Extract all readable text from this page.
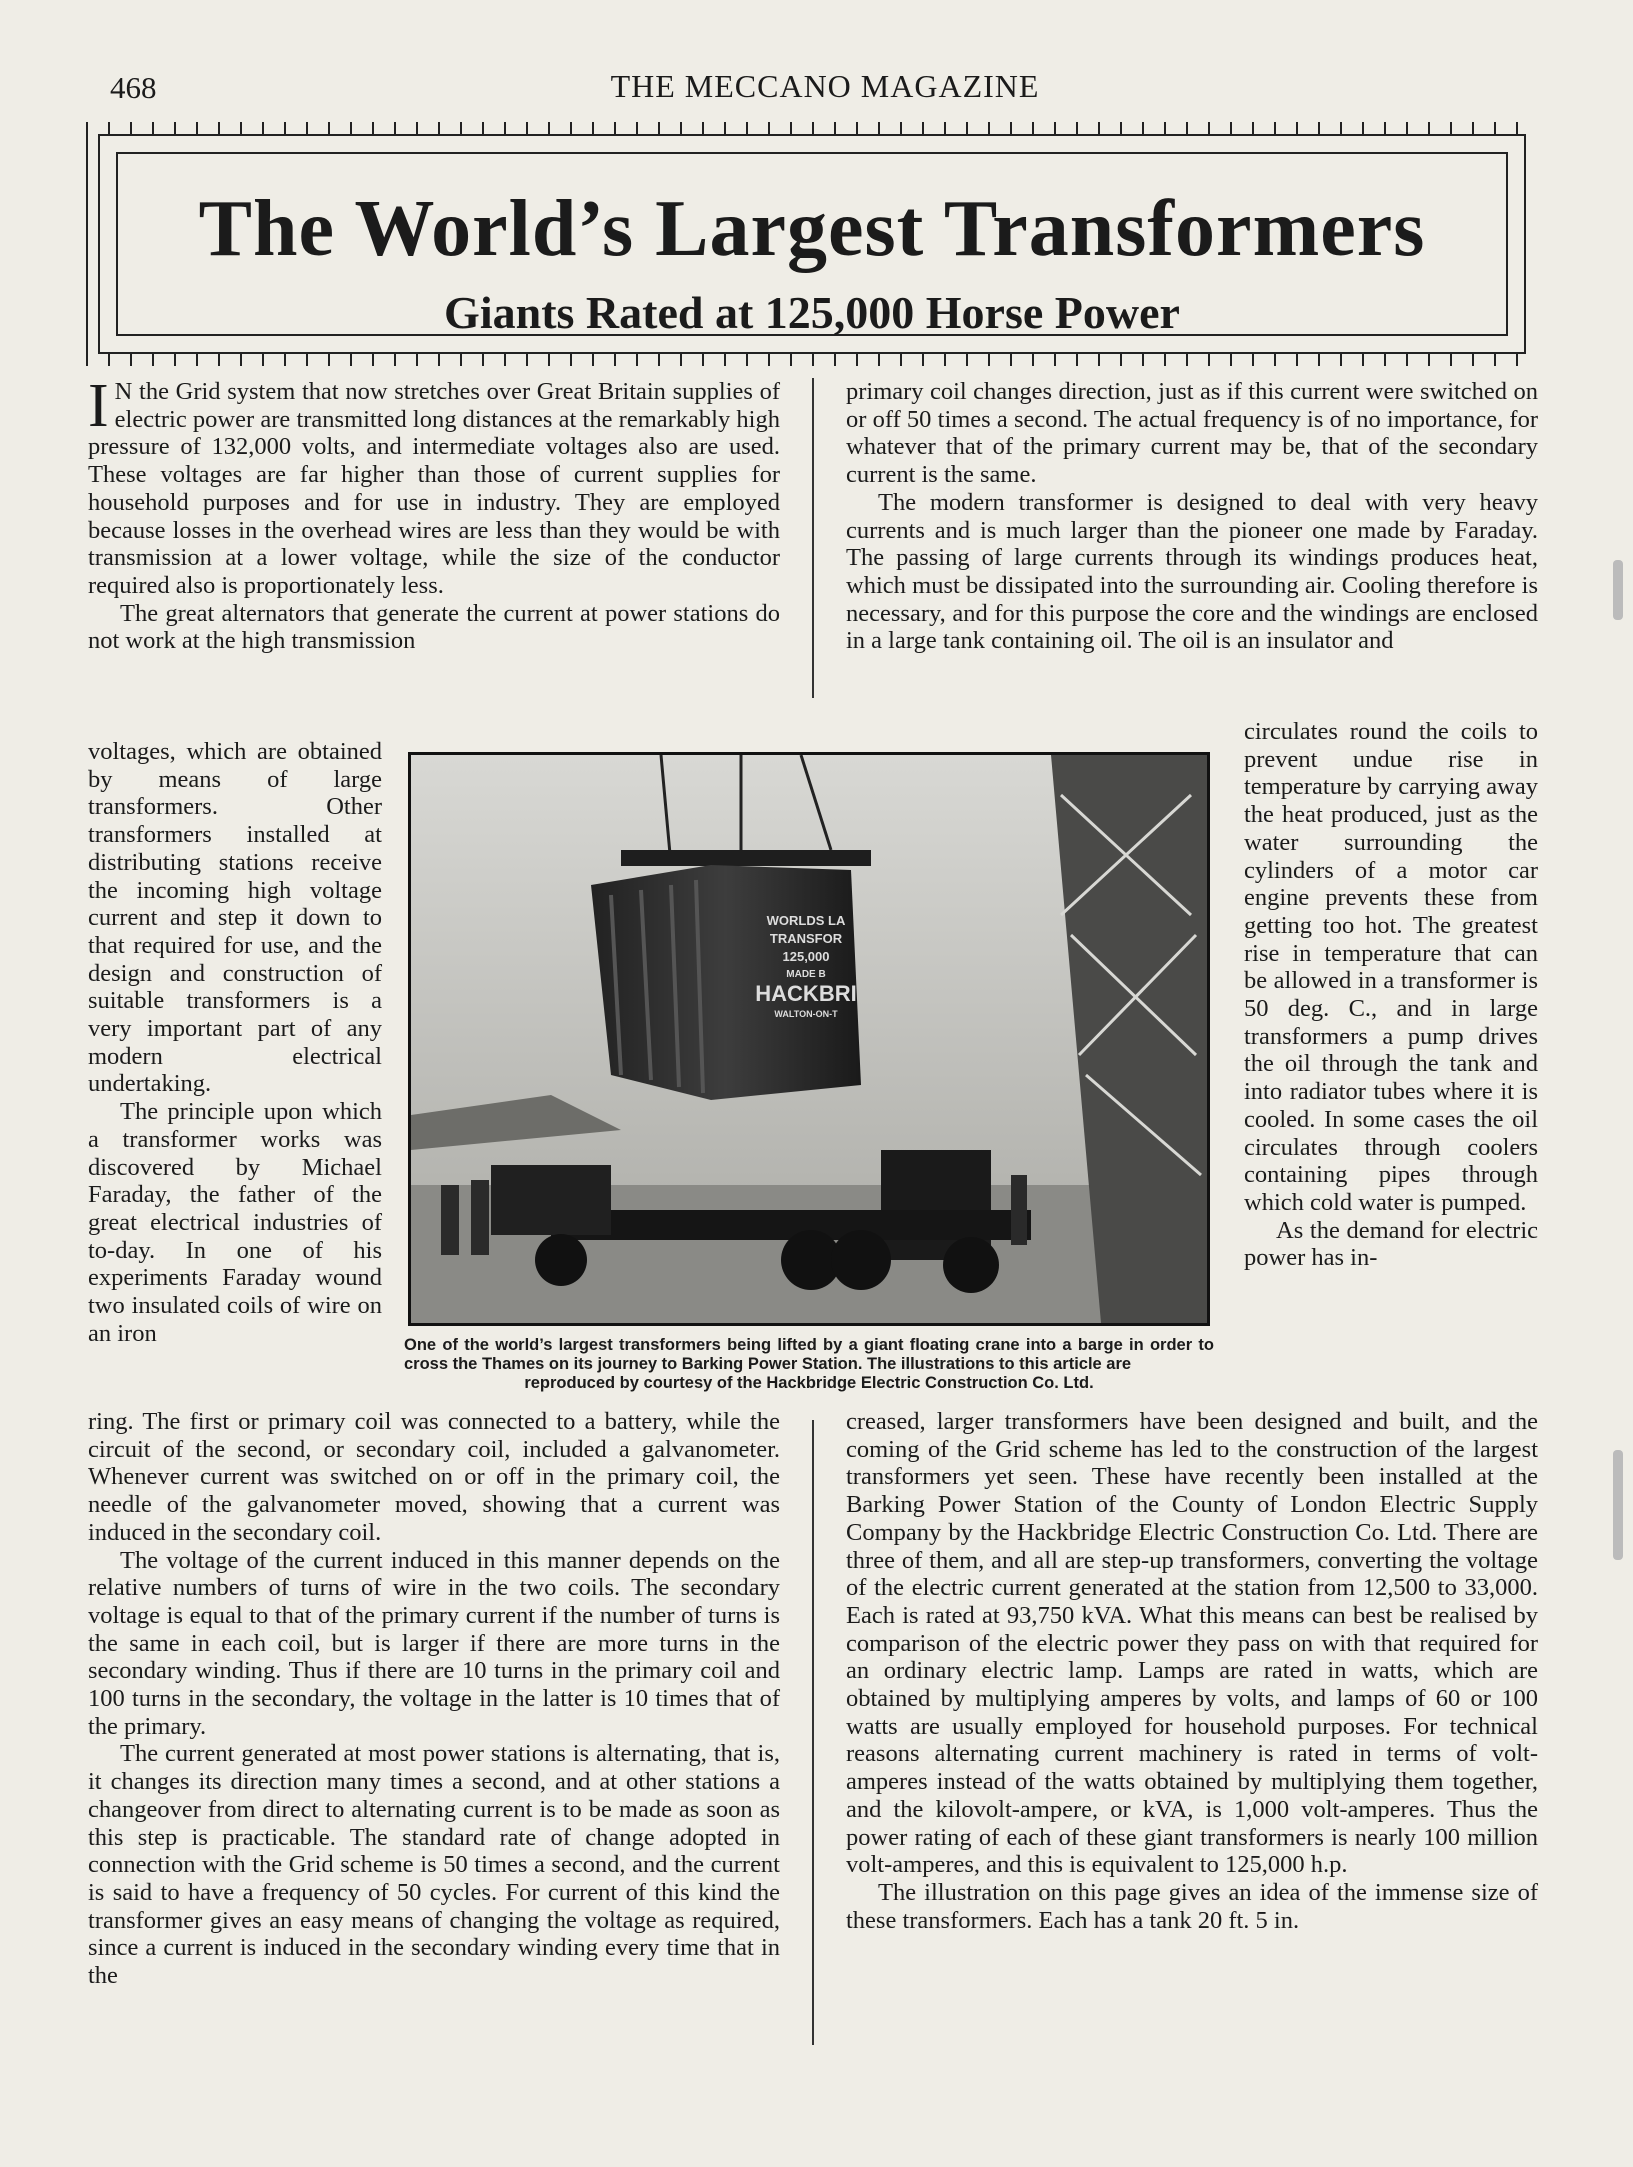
468	THE MECCANO MAGAZINE
The World’s Largest Transformers
Giants Rated at 125,000 Horse Power

I N the Grid system that now stretches over Great Britain supplies of electric power are transmitted long distances at the remarkably high pressure of 132,000 volts, and intermediate voltages also are used. These voltages are far higher than those of current supplies for household purposes and for use in industry. They are employed because losses in the overhead wires are less than they would be with transmission at a lower voltage, while the size of the conductor required also is proportionately less.

The great alternators that generate the current at power stations do not work at the high transmission

voltages, which are obtained by means of large transformers. Other transformers installed at distributing stations receive the incoming high voltage current and step it down to that required for use, and the design and construction of suitable transformers is a very important part of any modern electrical undertaking.

The principle upon which a transformer works was discovered by Michael Faraday, the father of the great electrical industries of to-day. In one of his experiments Faraday wound two insulated coils of wire on an iron

ring. The first or primary coil was connected to a battery, while the circuit of the second, or secondary coil, included a galvanometer. Whenever current was switched on or off in the primary coil, the needle of the galvanometer moved, showing that a current was induced in the secondary coil.

The voltage of the current induced in this manner depends on the relative numbers of turns of wire in the two coils. The secondary voltage is equal to that of the primary current if the number of turns is the same in each coil, but is larger if there are more turns in the secondary winding. Thus if there are 10 turns in the primary coil and 100 turns in the secondary, the voltage in the latter is 10 times that of the primary.

The current generated at most power stations is alternating, that is, it changes its direction many times a second, and at other stations a changeover from direct to alternating current is to be made as soon as this step is practicable. The standard rate of change adopted in connection with the Grid scheme is 50 times a second, and the current is said to have a frequency of 50 cycles. For current of this kind the transformer gives an easy means of changing the voltage as required, since a current is induced in the secondary winding every time that in the

primary coil changes direction, just as if this current were switched on or off 50 times a second. The actual frequency is of no importance, for whatever that of the primary current may be, that of the secondary current is the same.

The modern transformer is designed to deal with very heavy currents and is much larger than the pioneer one made by Faraday. The passing of large currents through its windings produces heat, which must be dissipated into the surrounding air. Cooling therefore is necessary, and for this purpose the core and the windings are enclosed in a large tank containing oil. The oil is an insulator and

circulates round the coils to prevent undue rise in temperature by carrying away the heat produced, just as the water surrounding the cylinders of a motor car engine prevents these from getting too hot. The greatest rise in temperature that can be allowed in a transformer is 50 deg. C., and in large transformers a pump drives the oil through the tank and into radiator tubes where it is cooled. In some cases the oil circulates through coolers containing pipes through which cold water is pumped.

As the demand for electric power has in-

creased, larger transformers have been designed and built, and the coming of the Grid scheme has led to the construction of the largest transformers yet seen. These have recently been installed at the Barking Power Station of the County of London Electric Supply Company by the Hackbridge Electric Construction Co. Ltd. There are three of them, and all are step-up transformers, converting the voltage of the electric current generated at the station from 12,500 to 33,000. Each is rated at 93,750 kVA. What this means can best be realised by comparison of the electric power they pass on with that required for an ordinary electric lamp. Lamps are rated in watts, which are obtained by multiplying amperes by volts, and lamps of 60 or 100 watts are usually employed for household purposes. For technical reasons alternating current machinery is rated in terms of volt-amperes instead of the watts obtained by multiplying them together, and the kilovolt-ampere, or kVA, is 1,000 volt-amperes. Thus the power rating of each of these giant transformers is nearly 100 million volt-amperes, and this is equivalent to 125,000 h.p.

The illustration on this page gives an idea of the immense size of these transformers. Each has a tank 20 ft. 5 in.

WORLDS LA
TRANSFOR
125,000
MADE B
HACKBRI
WALTON-ON-T
One of the world’s largest transformers being lifted by a giant floating crane into a barge in order to cross the Thames on its journey to Barking Power Station. The illustrations to this article are
reproduced by courtesy of the Hackbridge Electric Construction Co. Ltd.
